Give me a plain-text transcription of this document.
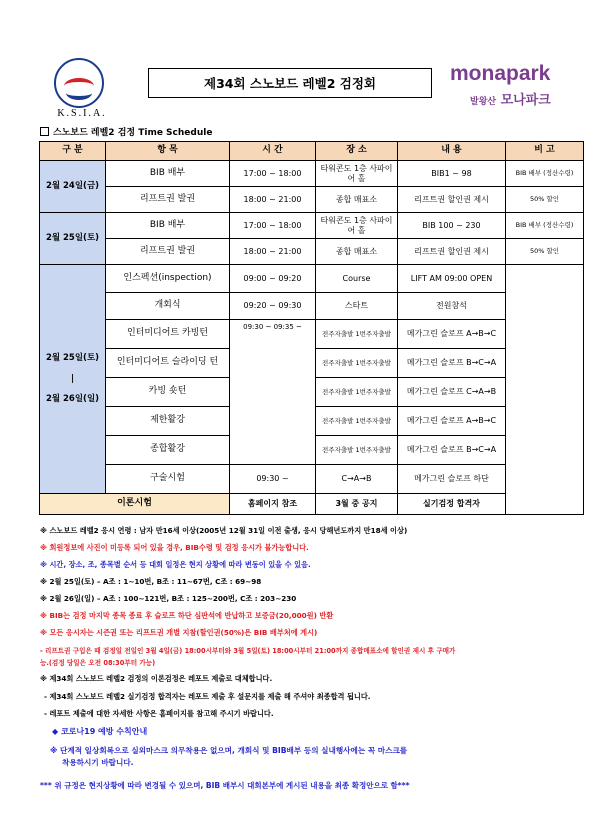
K.S.I.A.
제34회 스노보드 레벨2 검정회	monapark
발왕산 모나파크
스노보드 레벨2 검정 Time Schedule
구 분	항 목	시 간	장 소	내 용	비 고
2월 24일(금)	BIB 배부	17:00 ~ 18:00	타워콘도 1층 사파이어 홀	BIB1 ~ 98	BIB 배부 (정산수령)
	리프트권 발권	18:00 ~ 21:00	종합 매표소	리프트권 할인권 제시	50% 할인
2월 25일(토)	BIB 배부	17:00 ~ 18:00	타워콘도 1층 사파이어 홀	BIB 100 ~ 230	BIB 배부 (정산수령)
	리프트권 발권	18:00 ~ 21:00	종합 매표소	리프트권 할인권 제시	50% 할인

2월 25일(토)
|
2월 26일(일)	인스펙션(inspection)	09:00 ~ 09:20	Course	LIFT AM 09:00 OPEN	
	개회식	09:20 ~ 09:30	스타트	전원참석	
	인터미디어트 카빙턴	09:30 ~ 09:35 ~	전주자출발 1번주자출발	메가그린 슬로프 A→B→C	
	인터미디어트 슬라이딩 턴		전주자출발 1번주자출발	메가그린 슬로프 B→C→A	
	카빙 숏턴		전주자출발 1번주자출발	메가그린 슬로프 C→A→B	
	제한활강		전주자출발 1번주자출발	메가그린 슬로프 A→B→C	
	종합활강		전주자출발 1번주자출발	메가그린 슬로프 B→C→A	
	구술시험	09:30 ~	C→A→B	메가그린 슬로프 하단	
이론시험		홈페이지 참조	3월 중 공지	실기검정 합격자	
※ 스노보드 레벨2 응시 연령 : 남자 만16세 이상(2005년 12월 31일 이전 출생, 응시 당해년도까지 만18세 이상)
※ 회원정보에 사진이 미등록 되어 있을 경우, BIB수령 및 검정 응시가 불가능합니다.
※ 시간, 장소, 조, 종목별 순서 등 대회 일정은 현지 상황에 따라 변동이 있을 수 있음.
※ 2월 25일(토) – A조 : 1~10번, B조 : 11~67번, C조 : 69~98
※ 2월 26일(일) – A조 : 100~121번, B조 : 125~200번, C조 : 203~230
※ BIB는 검정 마지막 종목 종료 후 슬로프 하단 심판석에 반납하고 보증금(20,000원) 반환
※ 모든 응시자는 시즌권 또는 리프트권 개별 지참(할인권(50%)은 BIB 배부처에 게시)
- 리프트권 구입은 때 검정일 전일인 3월 4일(금) 18:00시부터와 3월 5일(토) 18:00시부터 21:00까지 종합매표소에 할인권 제시 후 구매가
능.(검정 당일은 오전 08:30부터 가능)
※ 제34회 스노보드 레벨2 검정의 이론검정은 레포트 제출로 대체합니다.
- 제34회 스노보드 레벨2 실기검정 합격자는 레포트 제출 후 설문지를 제출 해 주셔야 최종합격 됩니다.
- 레포트 제출에 대한 자세한 사항은 홈페이지를 참고해 주시기 바랍니다.
◆ 코로나19 예방 수칙안내
※ 단계적 일상회복으로 실외마스크 의무착용은 없으며, 개회식 및 BIB배부 등의 실내행사에는 꼭 마스크를
착용하시기 바랍니다.
*** 위 규정은 현지상황에 따라 변경될 수 있으며, BIB 배부시 대회본부에 게시된 내용을 최종 확정안으로 함***
